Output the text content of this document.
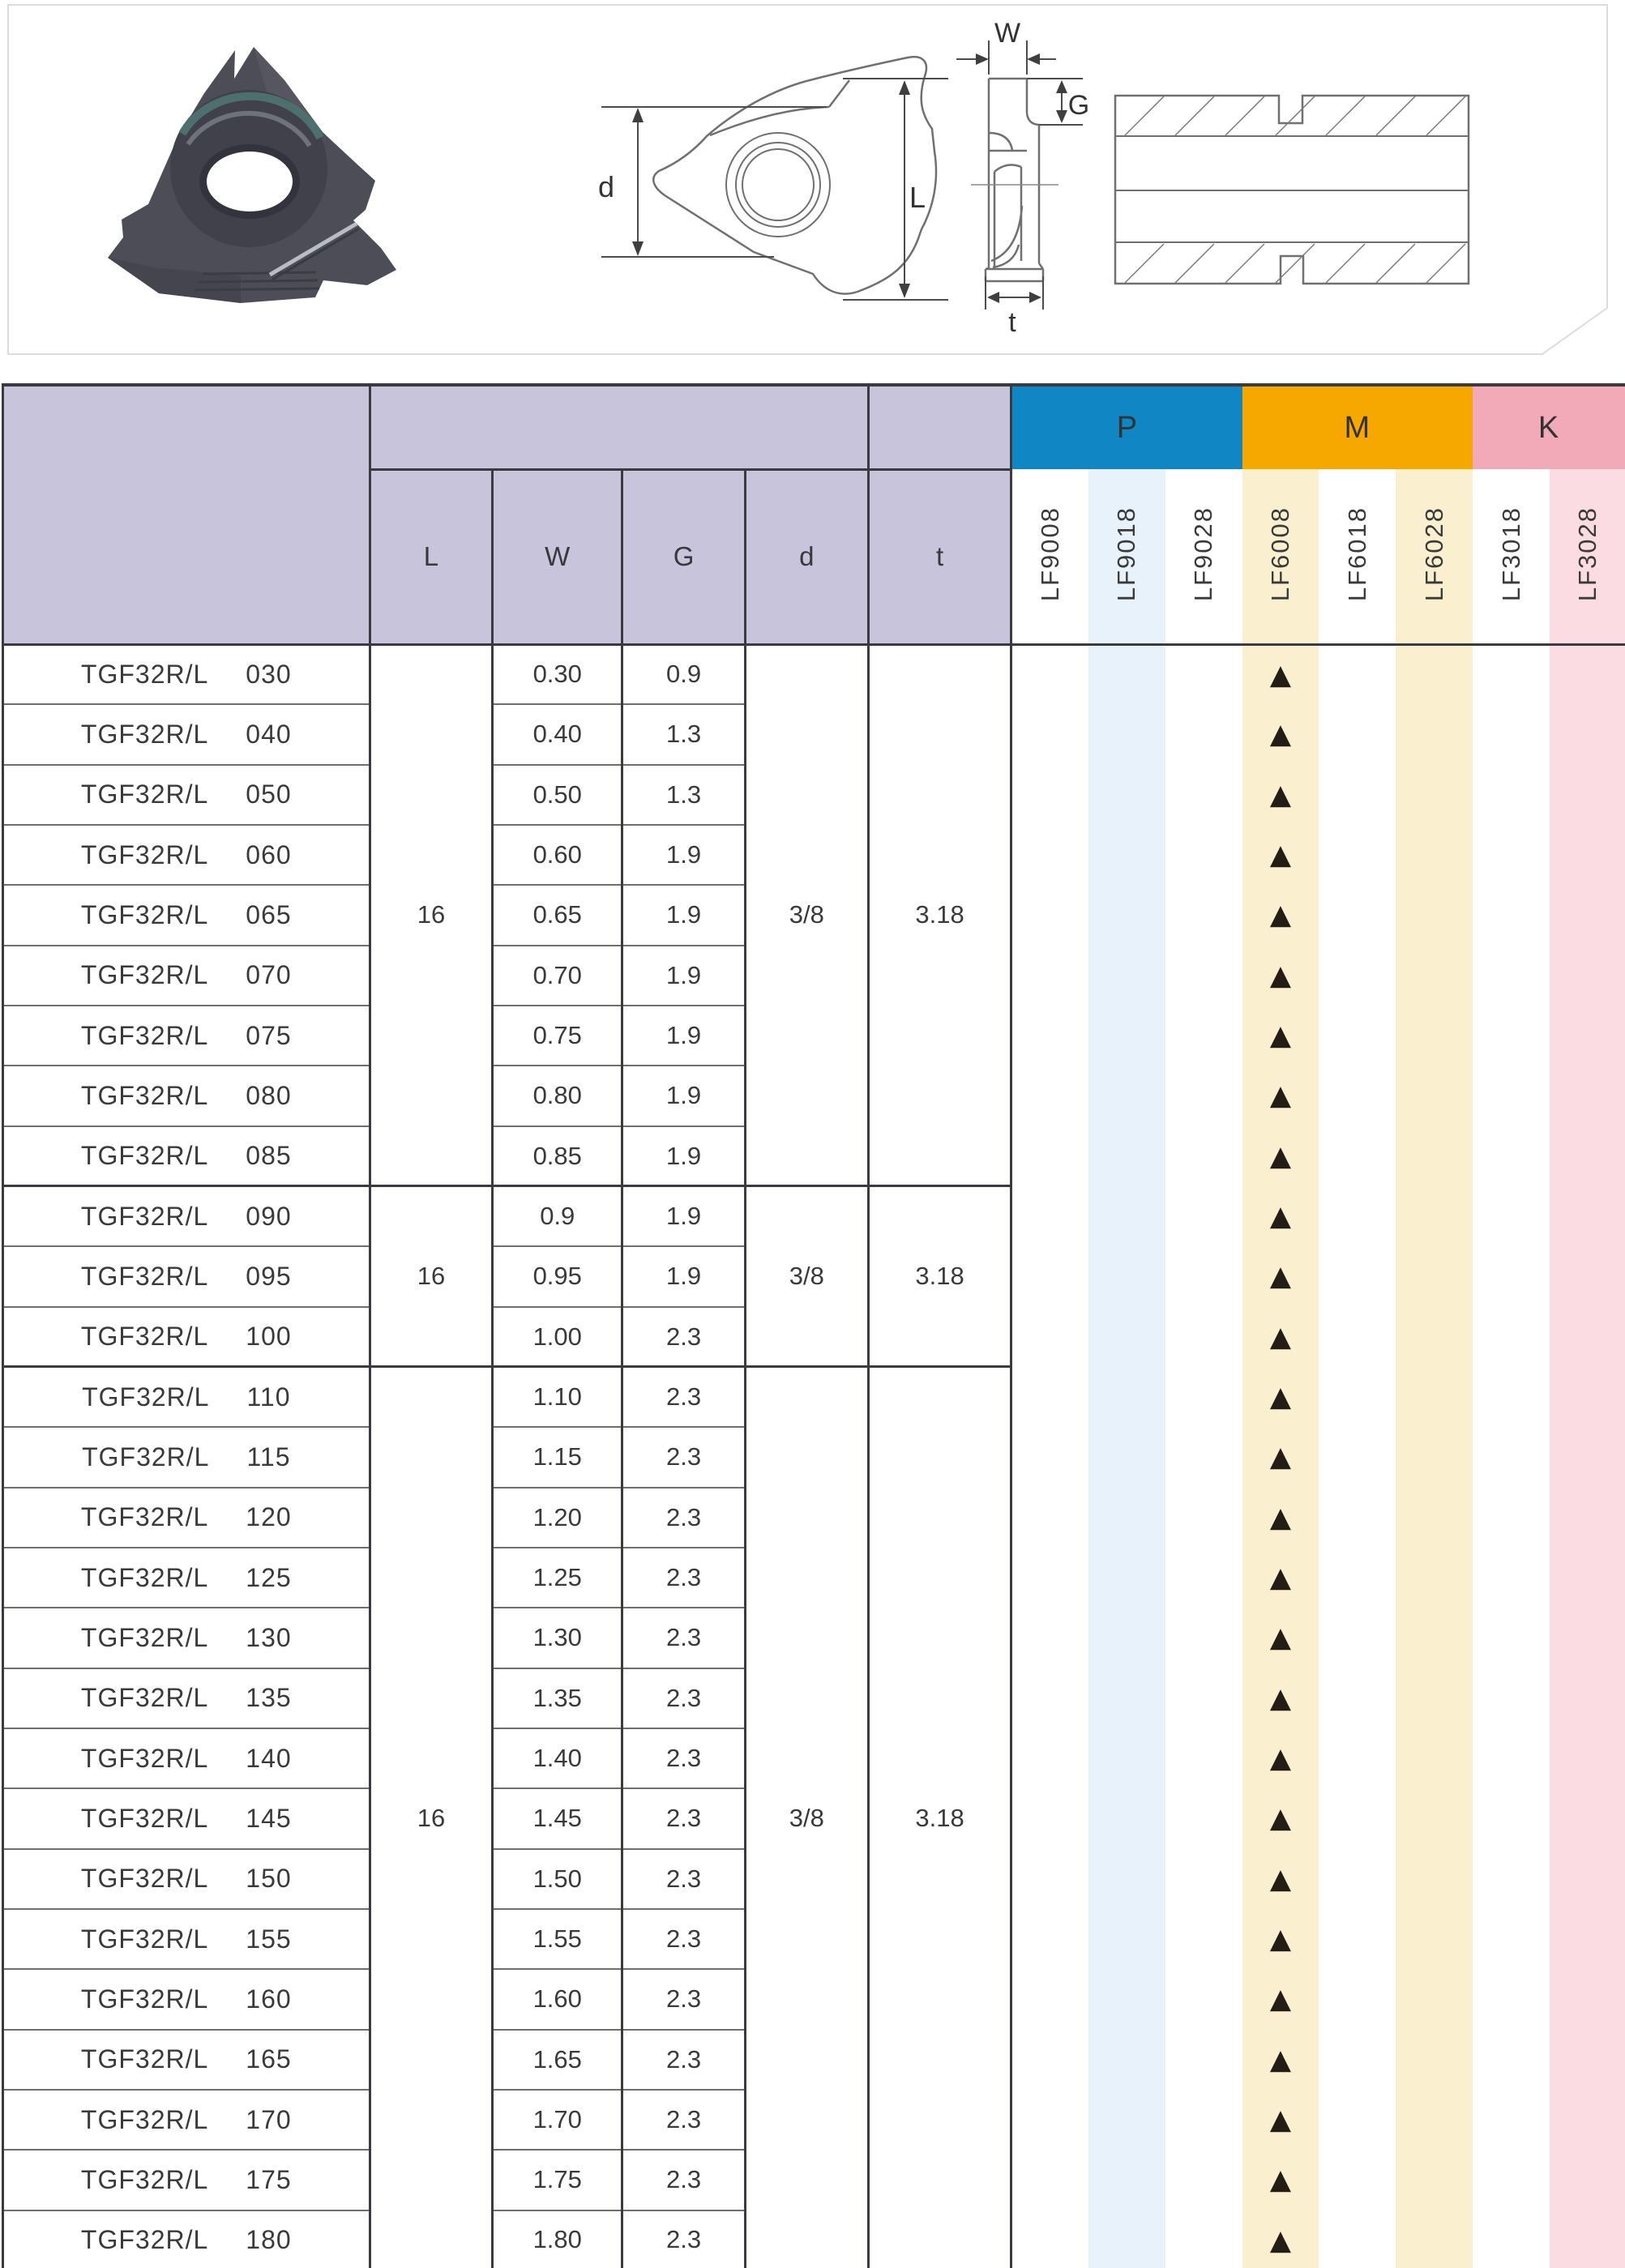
d
W
G
L
t
						P			M			K	
	L	W	G	d	t	LF9008	LF9018	LF9028	LF6008	LF6018	LF6028	LF3018	LF3028
TGF32R/L 030	16	0.30	0.9	3/8	3.18				▲				
TGF32R/L 040		0.40	1.3						▲				
TGF32R/L 050		0.50	1.3						▲				
TGF32R/L 060		0.60	1.9						▲				
TGF32R/L 065		0.65	1.9						▲				
TGF32R/L 070		0.70	1.9						▲				
TGF32R/L 075		0.75	1.9						▲				
TGF32R/L 080		0.80	1.9						▲				
TGF32R/L 085		0.85	1.9						▲				
TGF32R/L 090	16	0.9	1.9	3/8	3.18				▲				
TGF32R/L 095		0.95	1.9						▲				
TGF32R/L 100		1.00	2.3						▲				
TGF32R/L 110	16	1.10	2.3	3/8	3.18				▲				
TGF32R/L 115		1.15	2.3						▲				
TGF32R/L 120		1.20	2.3						▲				
TGF32R/L 125		1.25	2.3						▲				
TGF32R/L 130		1.30	2.3						▲				
TGF32R/L 135		1.35	2.3						▲				
TGF32R/L 140		1.40	2.3						▲				
TGF32R/L 145		1.45	2.3						▲				
TGF32R/L 150		1.50	2.3						▲				
TGF32R/L 155		1.55	2.3						▲				
TGF32R/L 160		1.60	2.3						▲				
TGF32R/L 165		1.65	2.3						▲				
TGF32R/L 170		1.70	2.3						▲				
TGF32R/L 175		1.75	2.3						▲				
TGF32R/L 180		1.80	2.3						▲				
